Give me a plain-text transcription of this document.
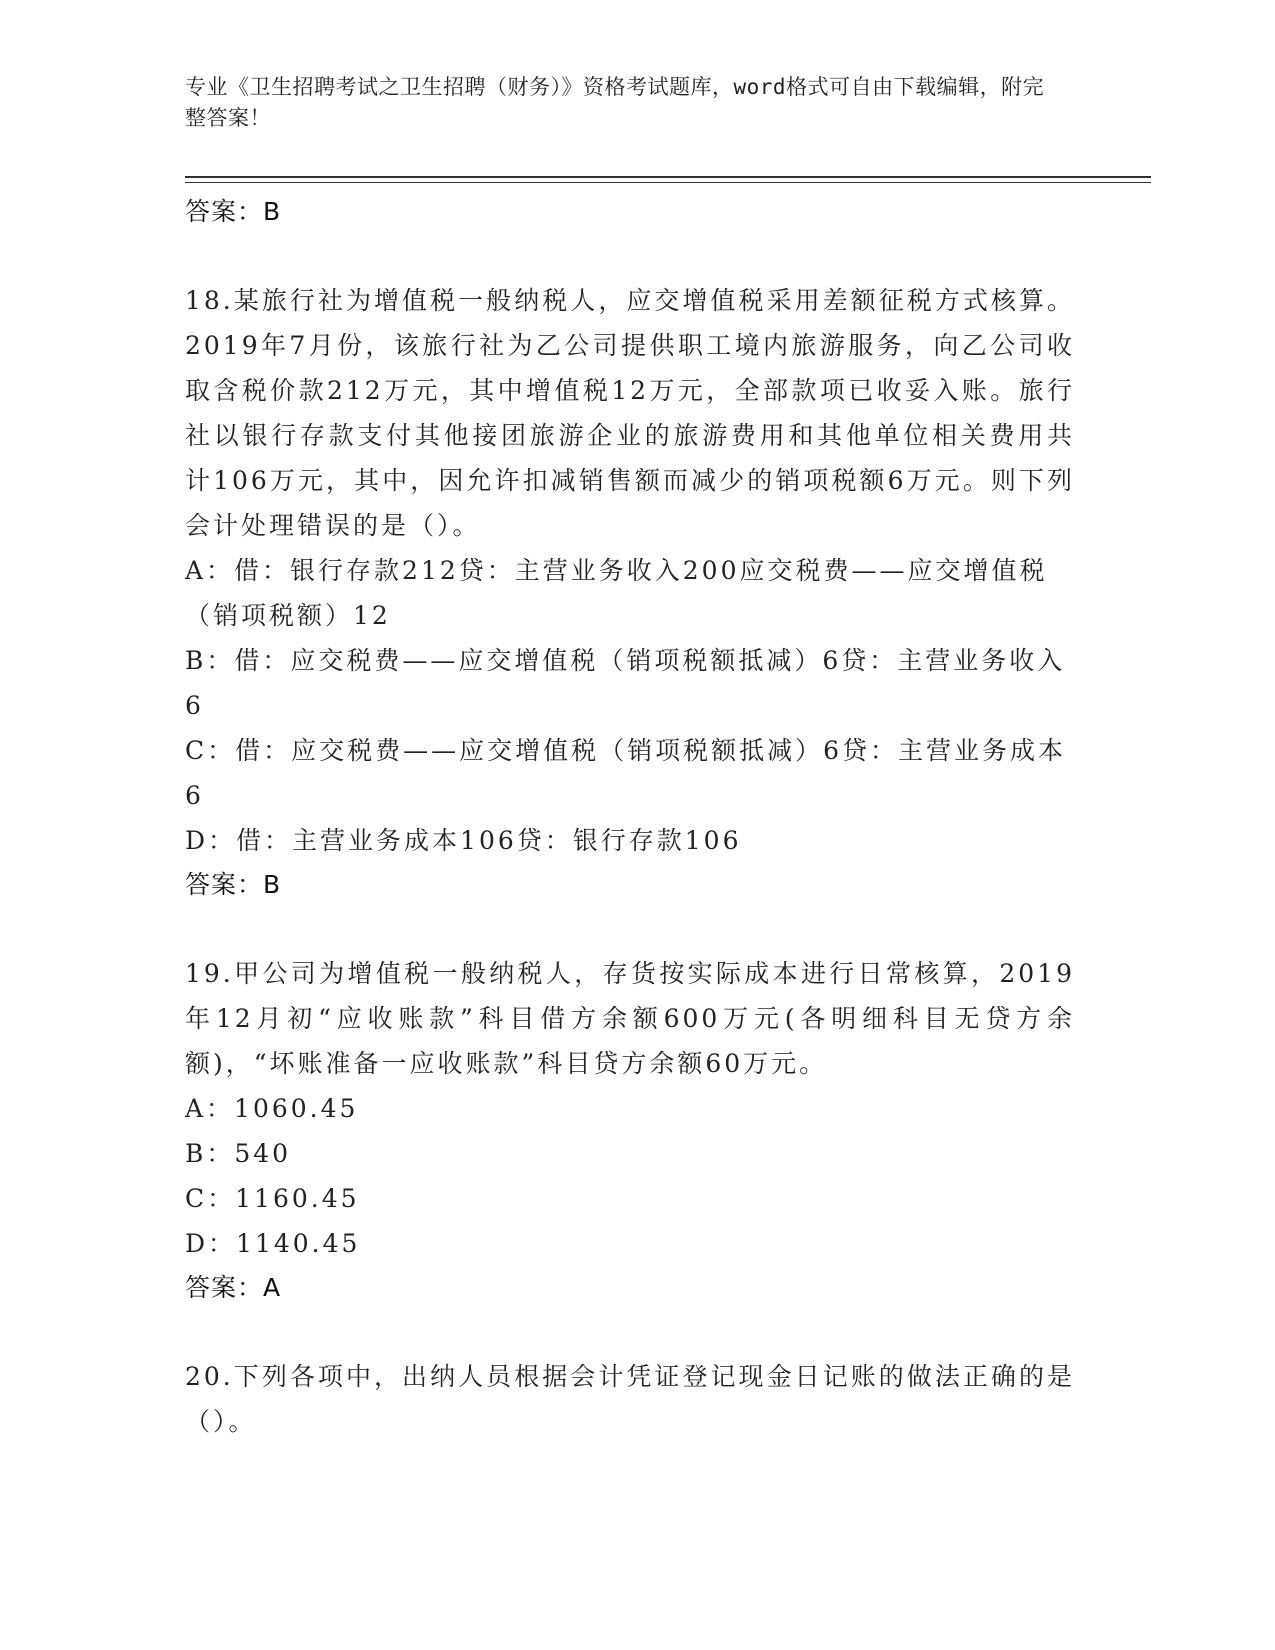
专业《卫生招聘考试之卫生招聘（财务）》资格考试题库，word格式可自由下载编辑，附完整答案！
答案：B
18.某旅行社为增值税一般纳税人，应交增值税采用差额征税方式核算。2019年7月份，该旅行社为乙公司提供职工境内旅游服务，向乙公司收取含税价款212万元，其中增值税12万元，全部款项已收妥入账。旅行社以银行存款支付其他接团旅游企业的旅游费用和其他单位相关费用共计106万元，其中，因允许扣减销售额而减少的销项税额6万元。则下列会计处理错误的是（）。
A：借：银行存款212贷：主营业务收入200应交税费——应交增值税（销项税额）12
B：借：应交税费——应交增值税（销项税额抵减）6贷：主营业务收入6
C：借：应交税费——应交增值税（销项税额抵减）6贷：主营业务成本6
D：借：主营业务成本106贷：银行存款106
答案：B
19.甲公司为增值税一般纳税人，存货按实际成本进行日常核算，2019年12月初“应收账款”科目借方余额600万元(各明细科目无贷方余额)，“坏账准备一应收账款”科目贷方余额60万元。
A：1060.45
B：540
C：1160.45
D：1140.45
答案：A
20.下列各项中，出纳人员根据会计凭证登记现金日记账的做法正确的是（）。
